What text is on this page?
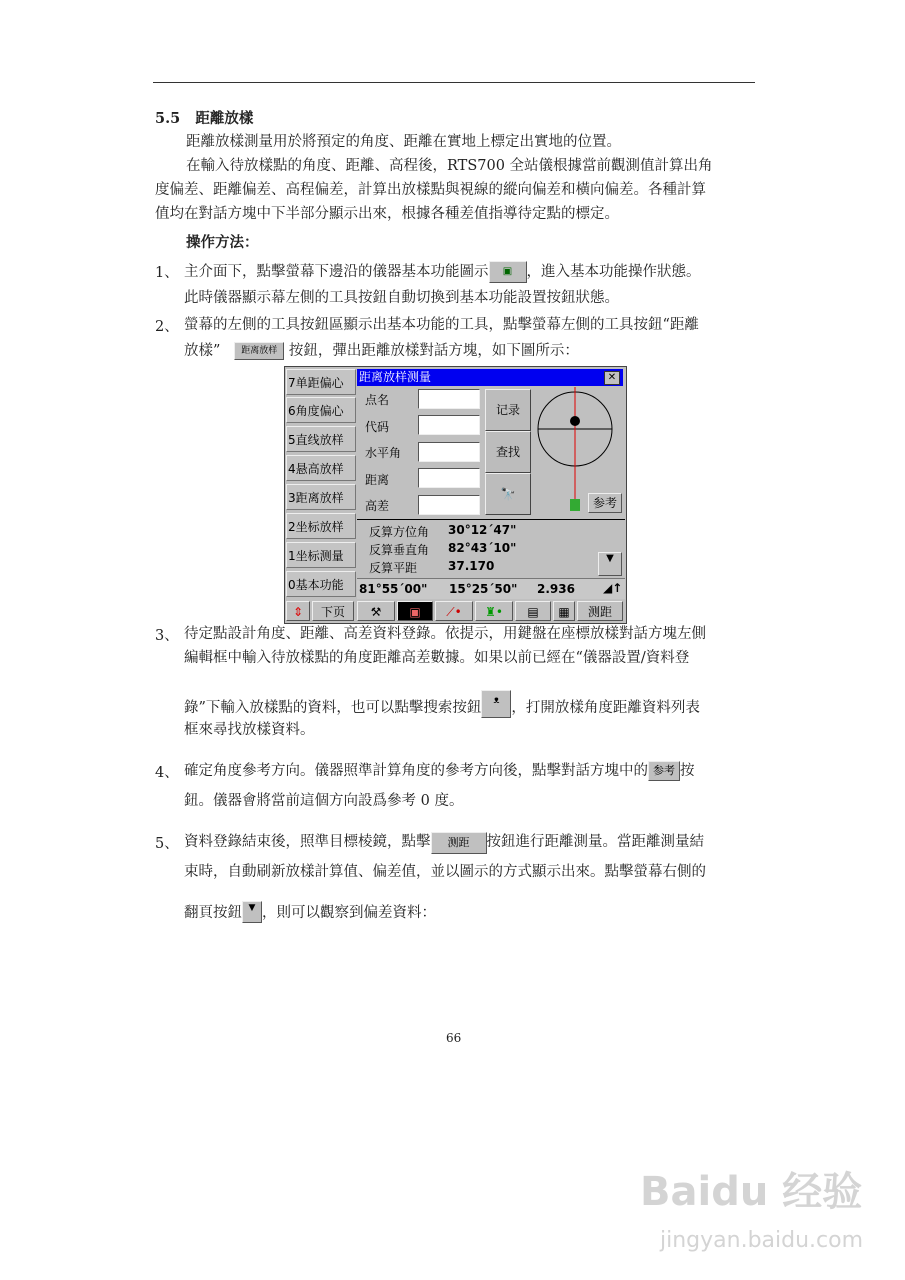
5.5 距離放樣
距離放樣測量用於將預定的角度、距離在實地上標定出實地的位置。
在輸入待放樣點的角度、距離、高程後，RTS700 全站儀根據當前觀測值計算出角
度偏差、距離偏差、高程偏差，計算出放樣點與視線的縱向偏差和橫向偏差。各種計算
值均在對話方塊中下半部分顯示出來，根據各種差值指導待定點的標定。
操作方法：
1、 主介面下，點擊螢幕下邊沿的儀器基本功能圖示 ▣ ，進入基本功能操作狀態。
此時儀器顯示幕左側的工具按鈕自動切換到基本功能設置按鈕狀態。
2、 螢幕的左側的工具按鈕區顯示出基本功能的工具，點擊螢幕左側的工具按鈕“距離
放樣” 距离放样 按鈕，彈出距離放樣對話方塊，如下圖所示：
7单距偏心
6角度偏心
5直线放样
4悬高放样
3距离放样
2坐标放样
1坐标测量
0基本功能
距离放样测量	✕
点名
代码
水平角
距离
高差
记录
查找
🔭
参考
反算方位角 30°12´47"
反算垂直角 82°43´10"
反算平距	37.170
▼
81°55´00" 15°25´50" 2.936 ◢↑
⇕	下页	⚒	▣	⟋•	♜•	▤	▦	测距
3、 待定點設計角度、距離、高差資料登錄。依提示，用鍵盤在座標放樣對話方塊左側
編輯框中輸入待放樣點的角度距離高差數據。如果以前已經在“儀器設置/資料登
錄”下輸入放樣點的資料，也可以點擊搜索按鈕 ᴥ ，打開放樣角度距離資料列表
框來尋找放樣資料。
4、 確定角度參考方向。儀器照準計算角度的參考方向後，點擊對話方塊中的 参考 按
鈕。儀器會將當前這個方向設爲參考 0 度。
5、 資料登錄結束後，照準目標棱鏡，點擊 测距 按鈕進行距離測量。當距離測量結
束時，自動刷新放樣計算值、偏差值，並以圖示的方式顯示出來。點擊螢幕右側的
翻頁按鈕 ▼ ，則可以觀察到偏差資料：
66
Baidu 经验
jingyan.baidu.com
